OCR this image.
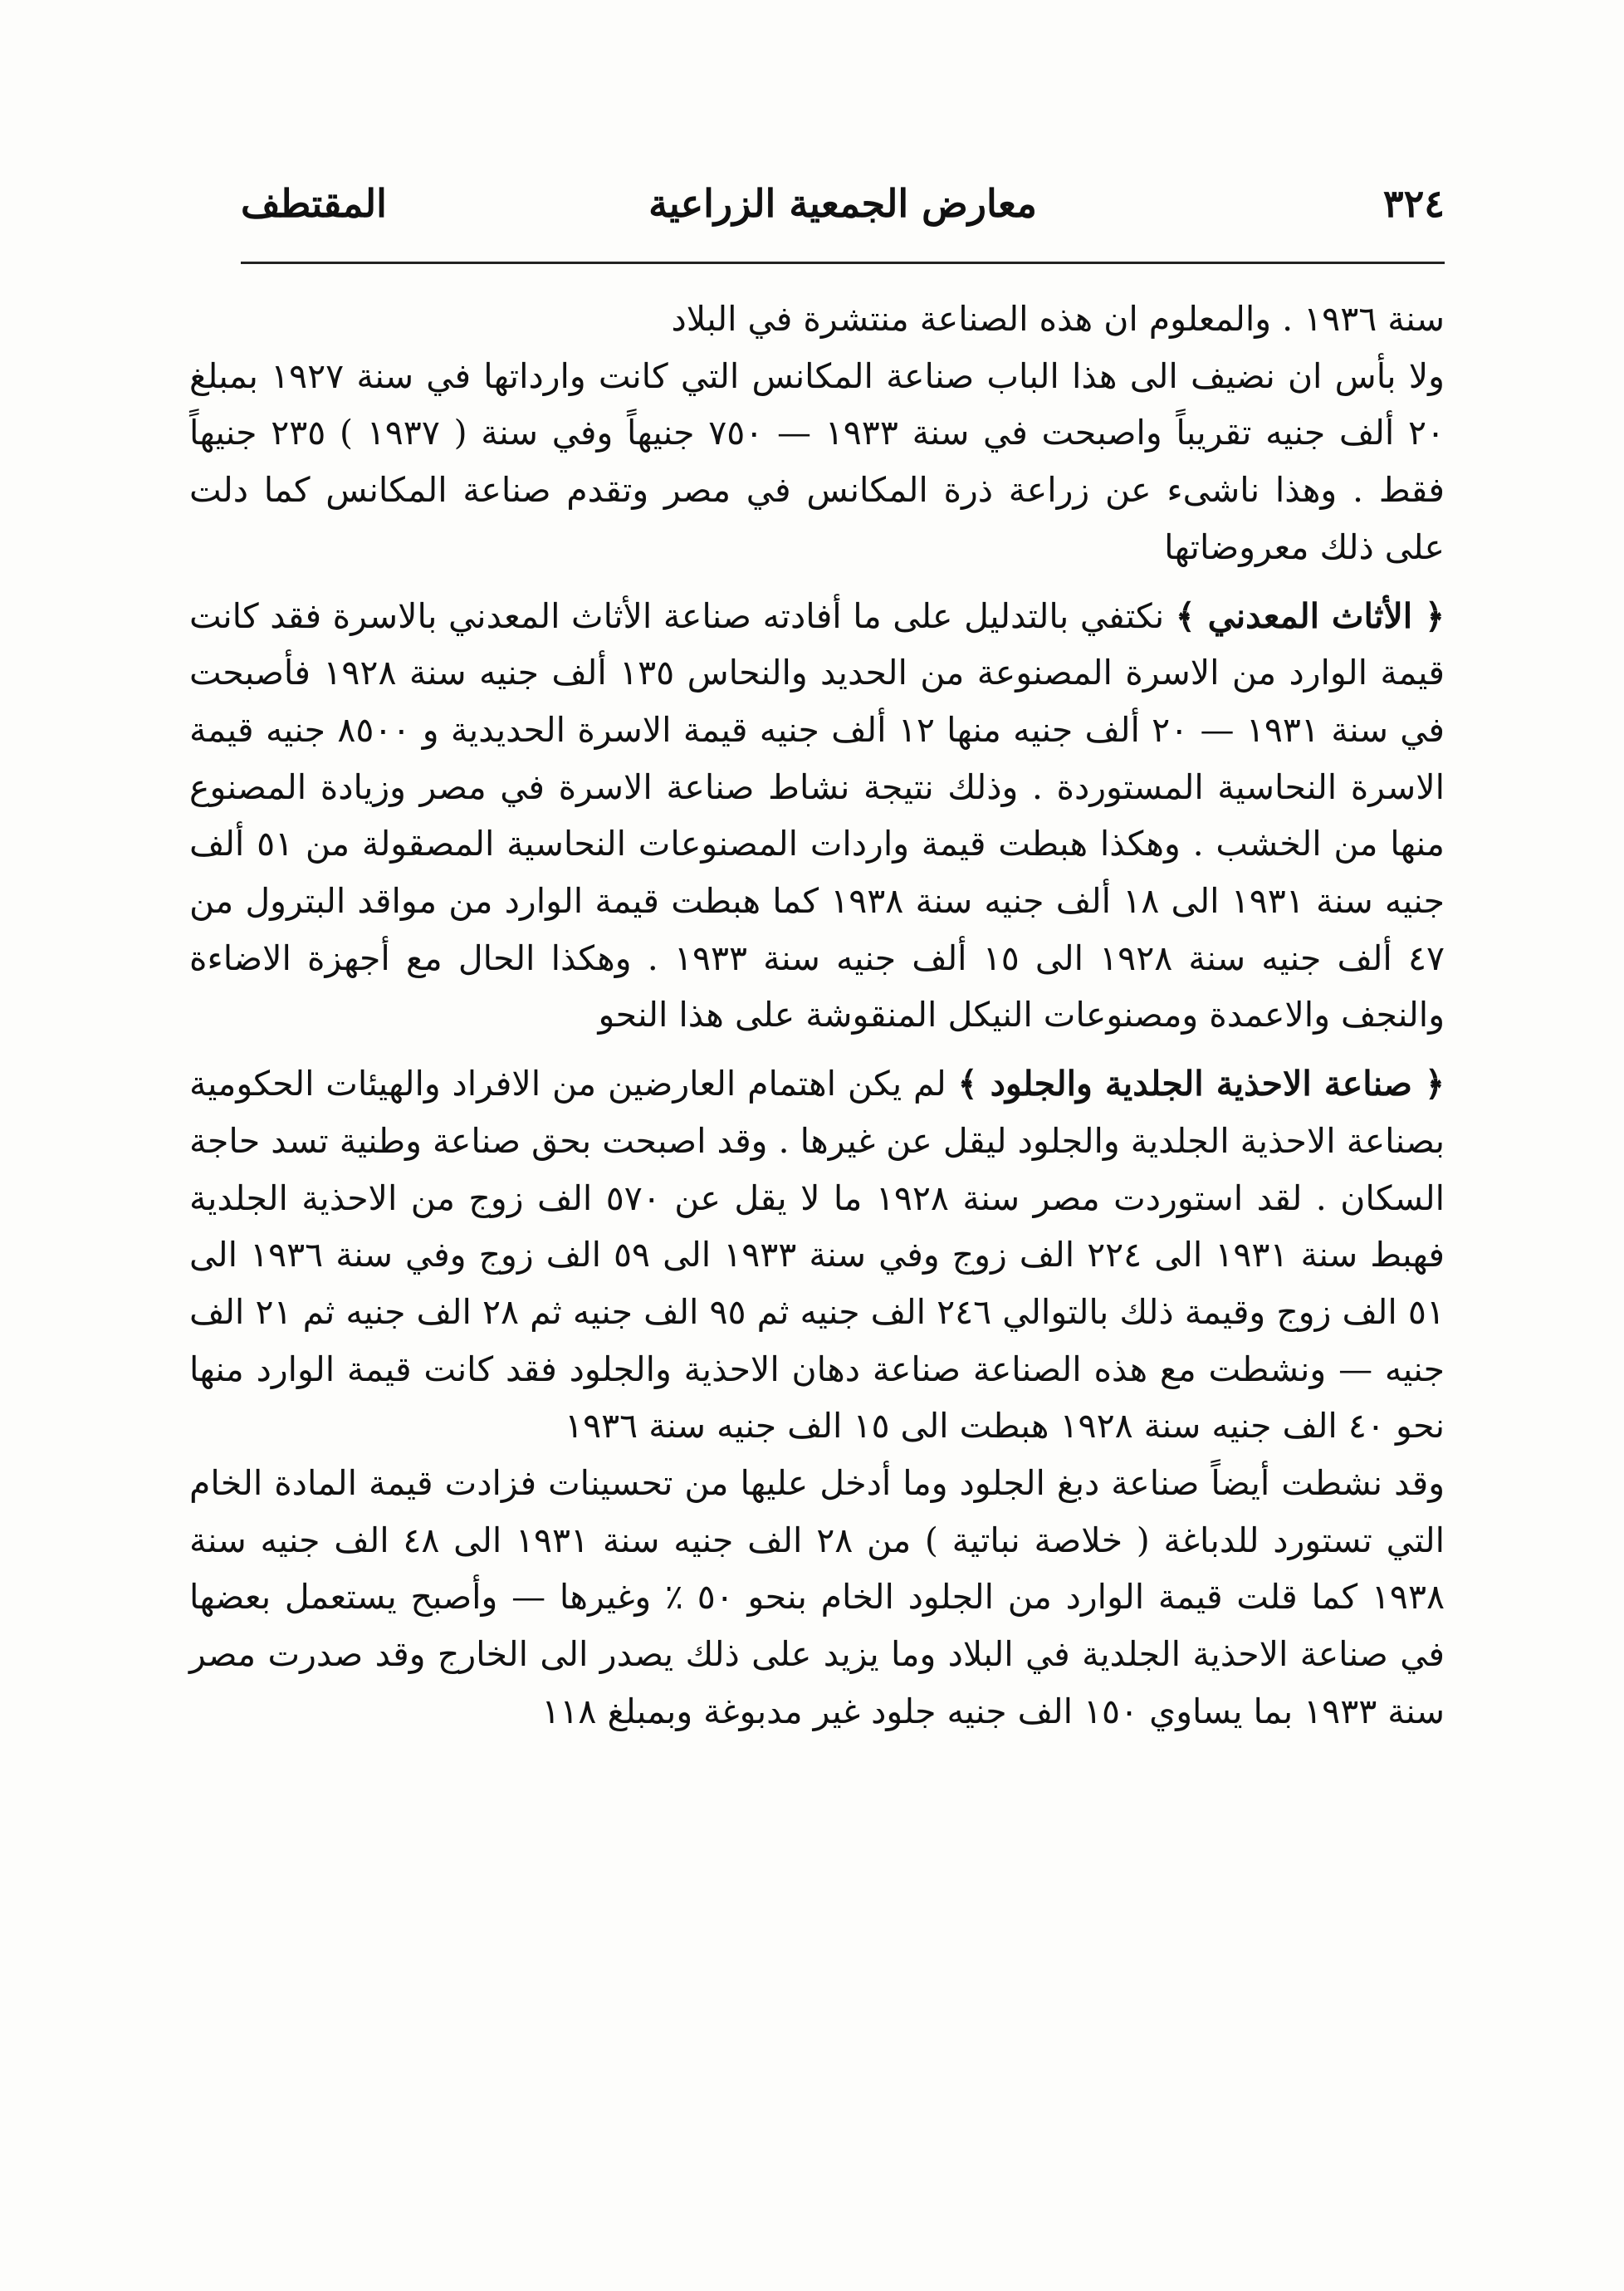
٣٢٤
معارض الجمعية الزراعية
المقتطف

سنة ١٩٣٦ . والمعلوم ان هذه الصناعة منتشرة في البلاد

ولا بأس ان نضيف الى هذا الباب صناعة المكانس التي كانت وارداتها في سنة ١٩٢٧ بمبلغ ٢٠ ألف جنيه تقريباً واصبحت في سنة ١٩٣٣ — ٧٥٠ جنيهاً وفي سنة ( ١٩٣٧ ) ٢٣٥ جنيهاً فقط . وهذا ناشىء عن زراعة ذرة المكانس في مصر وتقدم صناعة المكانس كما دلت على ذلك معروضاتها

﴿ الأثاث المعدني ﴾ نكتفي بالتدليل على ما أفادته صناعة الأثاث المعدني بالاسرة فقد كانت قيمة الوارد من الاسرة المصنوعة من الحديد والنحاس ١٣٥ ألف جنيه سنة ١٩٢٨ فأصبحت في سنة ١٩٣١ — ٢٠ ألف جنيه منها ١٢ ألف جنيه قيمة الاسرة الحديدية و ٨٥٠٠ جنيه قيمة الاسرة النحاسية المستوردة . وذلك نتيجة نشاط صناعة الاسرة في مصر وزيادة المصنوع منها من الخشب . وهكذا هبطت قيمة واردات المصنوعات النحاسية المصقولة من ٥١ ألف جنيه سنة ١٩٣١ الى ١٨ ألف جنيه سنة ١٩٣٨ كما هبطت قيمة الوارد من مواقد البترول من ٤٧ ألف جنيه سنة ١٩٢٨ الى ١٥ ألف جنيه سنة ١٩٣٣ . وهكذا الحال مع أجهزة الاضاءة والنجف والاعمدة ومصنوعات النيكل المنقوشة على هذا النحو

﴿ صناعة الاحذية الجلدية والجلود ﴾ لم يكن اهتمام العارضين من الافراد والهيئات الحكومية بصناعة الاحذية الجلدية والجلود ليقل عن غيرها . وقد اصبحت بحق صناعة وطنية تسد حاجة السكان . لقد استوردت مصر سنة ١٩٢٨ ما لا يقل عن ٥٧٠ الف زوج من الاحذية الجلدية فهبط سنة ١٩٣١ الى ٢٢٤ الف زوج وفي سنة ١٩٣٣ الى ٥٩ الف زوج وفي سنة ١٩٣٦ الى ٥١ الف زوج وقيمة ذلك بالتوالي ٢٤٦ الف جنيه ثم ٩٥ الف جنيه ثم ٢٨ الف جنيه ثم ٢١ الف جنيه — ونشطت مع هذه الصناعة صناعة دهان الاحذية والجلود فقد كانت قيمة الوارد منها نحو ٤٠ الف جنيه سنة ١٩٢٨ هبطت الى ١٥ الف جنيه سنة ١٩٣٦

وقد نشطت أيضاً صناعة دبغ الجلود وما أدخل عليها من تحسينات فزادت قيمة المادة الخام التي تستورد للدباغة ( خلاصة نباتية ) من ٢٨ الف جنيه سنة ١٩٣١ الى ٤٨ الف جنيه سنة ١٩٣٨ كما قلت قيمة الوارد من الجلود الخام بنحو ٥٠ ٪ وغيرها — وأصبح يستعمل بعضها في صناعة الاحذية الجلدية في البلاد وما يزيد على ذلك يصدر الى الخارج وقد صدرت مصر سنة ١٩٣٣ بما يساوي ١٥٠ الف جنيه جلود غير مدبوغة وبمبلغ ١١٨
